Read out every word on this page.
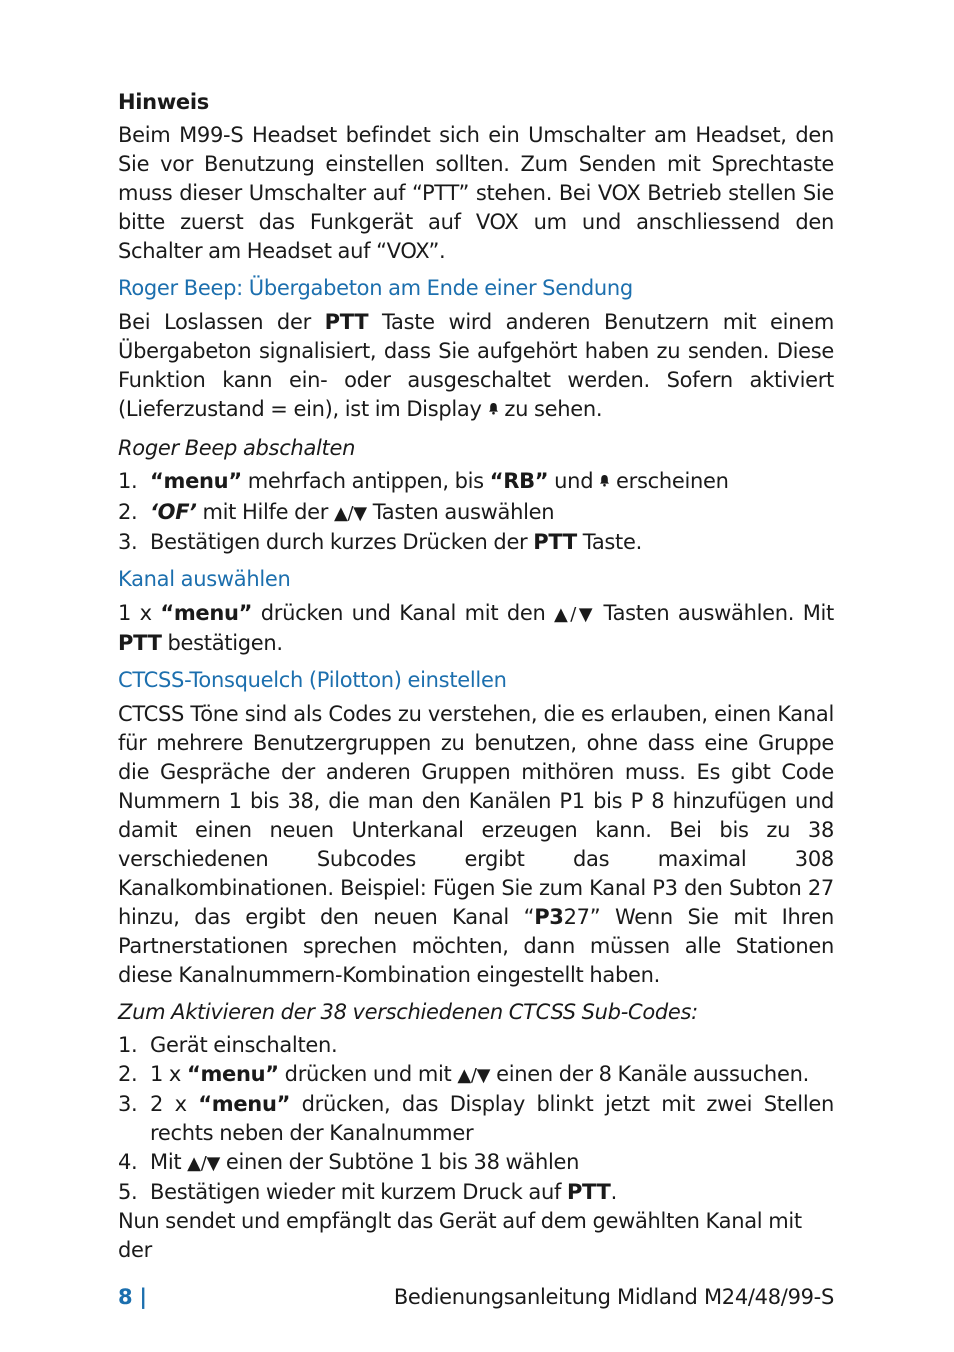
Hinweis

Beim M99-S Headset befindet sich ein Umschalter am Headset, den Sie vor Benutzung einstellen sollten. Zum Senden mit Sprechtaste muss dieser Umschalter auf “PTT” stehen. Bei VOX Betrieb stellen Sie bitte zuerst das Funkgerät auf VOX um und anschliessend den Schalter am Headset auf “VOX”.

Roger Beep: Übergabeton am Ende einer Sendung

Bei Loslassen der PTT Taste wird anderen Benutzern mit einem Übergabeton signalisiert, dass Sie aufgehört haben zu senden. Diese Funktion kann ein- oder ausgeschaltet werden. Sofern aktiviert (Lieferzustand = ein), ist im Display  zu sehen.

Roger Beep abschalten

1. “menu” mehrfach antippen, bis “RB” und  erscheinen
2. ‘OF’ mit Hilfe der ▲/▼ Tasten auswählen
3. Bestätigen durch kurzes Drücken der PTT Taste.
Kanal auswählen

1 x “menu” drücken und Kanal mit den ▲/▼ Tasten auswählen. Mit PTT bestätigen.

CTCSS-Tonsquelch (Pilotton) einstellen

CTCSS Töne sind als Codes zu verstehen, die es erlauben, einen Kanal für mehrere Benutzergruppen zu benutzen, ohne dass eine Gruppe die Gespräche der anderen Gruppen mithören muss. Es gibt Code Nummern 1 bis 38, die man den Kanälen P1 bis P 8 hinzufügen und damit einen neuen Unterkanal erzeugen kann. Bei bis zu 38 verschiedenen Subcodes ergibt das maximal 308 Kanalkombinationen. Beispiel: Fügen Sie zum Kanal P3 den Subton 27 hinzu, das ergibt den neuen Kanal “P327” Wenn Sie mit Ihren Partnerstationen sprechen möchten, dann müssen alle Stationen diese Kanalnummern-Kombination eingestellt haben.

Zum Aktivieren der 38 verschiedenen CTCSS Sub-Codes:

1. Gerät einschalten.
2. 1 x “menu” drücken und mit ▲/▼ einen der 8 Kanäle aussuchen.
3. 2 x “menu” drücken, das Display blinkt jetzt mit zwei Stellen rechts neben der Kanalnummer
4. Mit ▲/▼ einen der Subtöne 1 bis 38 wählen
5. Bestätigen wieder mit kurzem Druck auf PTT.

Nun sendet und empfänglt das Gerät auf dem gewählten Kanal mit der

8 |	Bedienungsanleitung Midland M24/48/99-S
